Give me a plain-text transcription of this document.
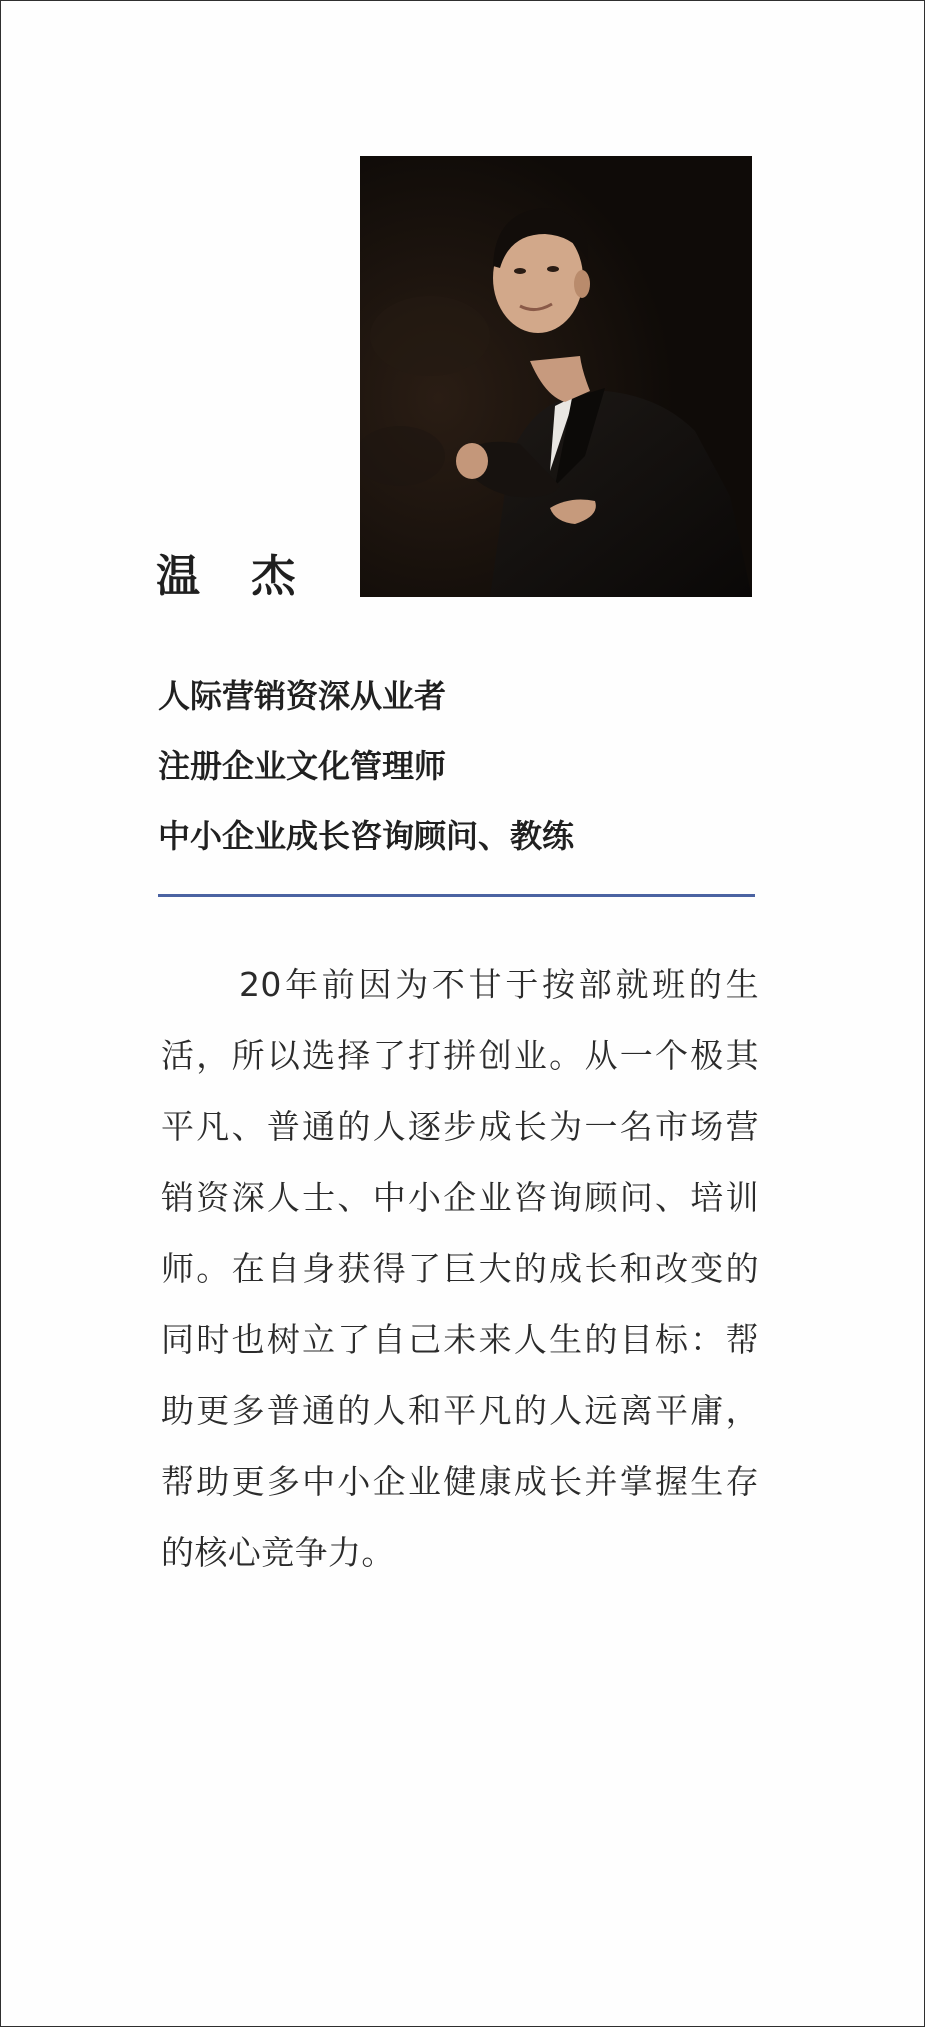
温 杰
人际营销资深从业者
注册企业文化管理师
中小企业成长咨询顾问、教练

20年前因为不甘于按部就班的生活，所以选择了打拼创业。从一个极其平凡、普通的人逐步成长为一名市场营销资深人士、中小企业咨询顾问、培训师。在自身获得了巨大的成长和改变的同时也树立了自己未来人生的目标：帮助更多普通的人和平凡的人远离平庸，帮助更多中小企业健康成长并掌握生存的核心竞争力。
